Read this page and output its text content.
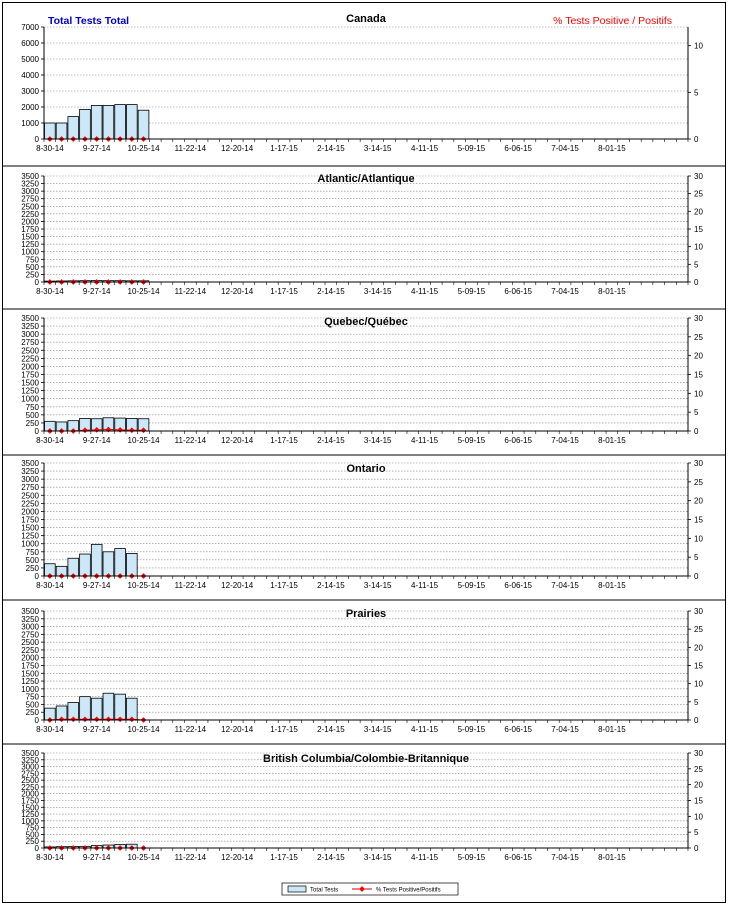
Total Tests Total	% Tests Positive / Positifs
Canada
0
1000
2000
3000
4000
5000
6000
7000
0
5
10
8-30-14 9-27-14 10-25-14 11-22-14 12-20-14 1-17-15 2-14-15 3-14-15 4-11-15 5-09-15 6-06-15 7-04-15 8-01-15
Atlantic/Atlantique
0
250
500
750
1000
1250
1500
1750
2000
2250
2500
2750
3000
3250
3500
0
5
10
15
20
25
30
8-30-14 9-27-14 10-25-14 11-22-14 12-20-14 1-17-15 2-14-15 3-14-15 4-11-15 5-09-15 6-06-15 7-04-15 8-01-15
Quebec/Québec
0
250
500
750
1000
1250
1500
1750
2000
2250
2500
2750
3000
3250
3500
0
5
10
15
20
25
30
8-30-14 9-27-14 10-25-14 11-22-14 12-20-14 1-17-15 2-14-15 3-14-15 4-11-15 5-09-15 6-06-15 7-04-15 8-01-15
Ontario
0
250
500
750
1000
1250
1500
1750
2000
2250
2500
2750
3000
3250
3500
0
5
10
15
20
25
30
8-30-14 9-27-14 10-25-14 11-22-14 12-20-14 1-17-15 2-14-15 3-14-15 4-11-15 5-09-15 6-06-15 7-04-15 8-01-15
Prairies
0
250
500
750
1000
1250
1500
1750
2000
2250
2500
2750
3000
3250
3500
0
5
10
15
20
25
30
8-30-14 9-27-14 10-25-14 11-22-14 12-20-14 1-17-15 2-14-15 3-14-15 4-11-15 5-09-15 6-06-15 7-04-15 8-01-15
British Columbia/Colombie-Britannique
0
250
500
750
1000
1250
1500
1750
2000
2250
2500
2750
3000
3250
3500
0
5
10
15
20
25
30
8-30-14 9-27-14 10-25-14 11-22-14 12-20-14 1-17-15 2-14-15 3-14-15 4-11-15 5-09-15 6-06-15 7-04-15 8-01-15
Total Tests	% Tests Positive/Positifs
